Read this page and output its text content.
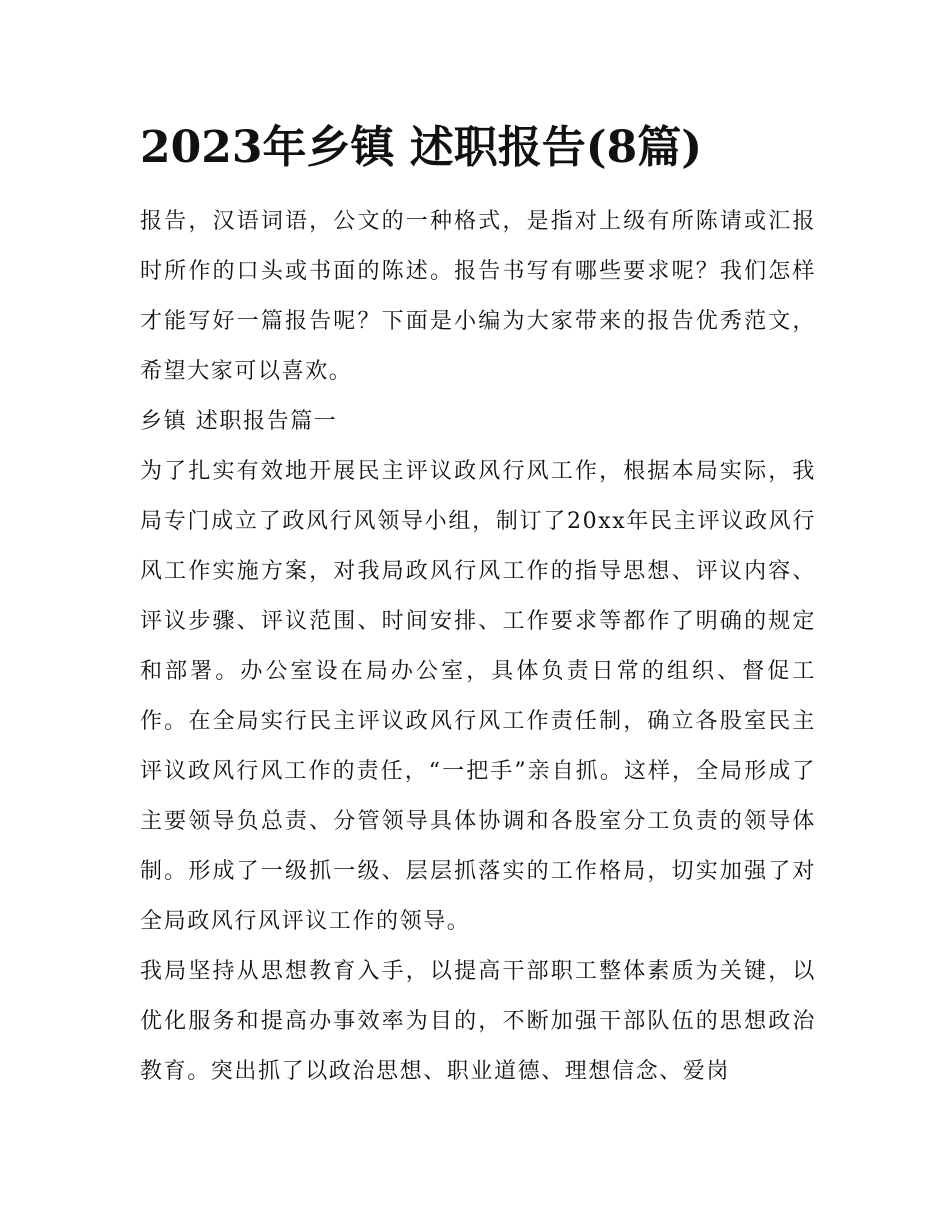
2023年乡镇 述职报告(8篇)

报告，汉语词语，公文的一种格式，是指对上级有所陈请或汇报时所作的口头或书面的陈述。报告书写有哪些要求呢？我们怎样才能写好一篇报告呢？下面是小编为大家带来的报告优秀范文，希望大家可以喜欢。

乡镇 述职报告篇一

为了扎实有效地开展民主评议政风行风工作，根据本局实际，我局专门成立了政风行风领导小组，制订了20xx年民主评议政风行风工作实施方案，对我局政风行风工作的指导思想、评议内容、评议步骤、评议范围、时间安排、工作要求等都作了明确的规定和部署。办公室设在局办公室，具体负责日常的组织、督促工作。在全局实行民主评议政风行风工作责任制，确立各股室民主评议政风行风工作的责任，“一把手”亲自抓。这样，全局形成了主要领导负总责、分管领导具体协调和各股室分工负责的领导体制。形成了一级抓一级、层层抓落实的工作格局，切实加强了对全局政风行风评议工作的领导。

我局坚持从思想教育入手，以提高干部职工整体素质为关键，以优化服务和提高办事效率为目的，不断加强干部队伍的思想政治教育。突出抓了以政治思想、职业道德、理想信念、爱岗
